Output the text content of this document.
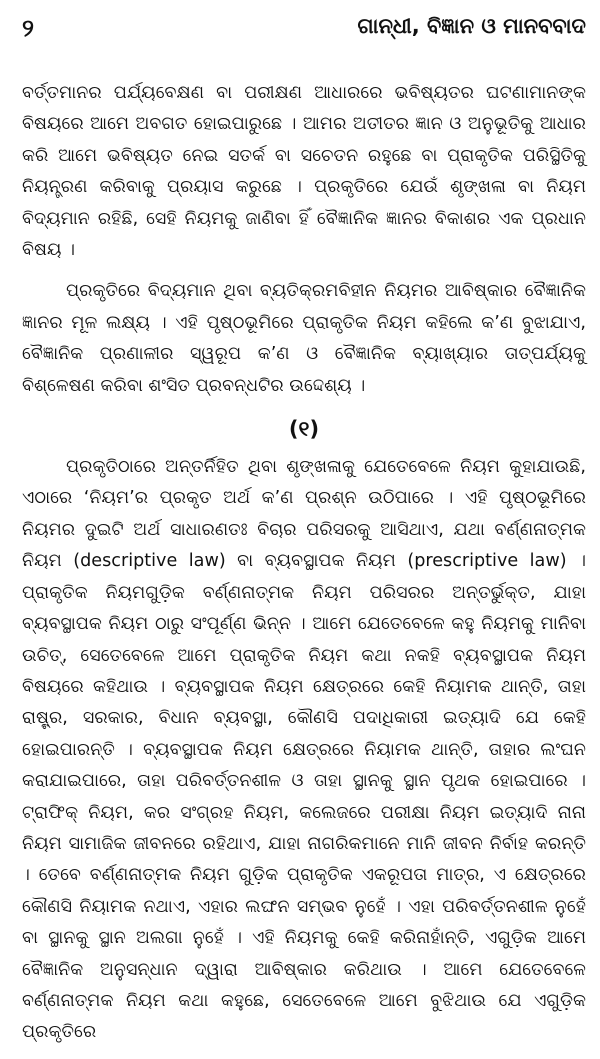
୨	ଗାନ୍ଧୀ, ବିଜ୍ଞାନ ଓ ମାନବବାଦ

ବର୍ତ୍ତମାନର ପର୍ଯ୍ୟବେକ୍ଷଣ ବା ପରୀକ୍ଷଣ ଆଧାରରେ ଭବିଷ୍ୟତର ଘଟଣାମାନଙ୍କ ବିଷୟରେ ଆମେ ଅବଗତ ହୋଇପାରୁଛେ । ଆମର ଅତୀତର ଜ୍ଞାନ ଓ ଅନୁଭୂତିକୁ ଆଧାର କରି ଆମେ ଭବିଷ୍ୟତ ନେଇ ସତର୍କ ବା ସଚେତନ ରହୁଛେ ବା ପ୍ରାକୃତିକ ପରିସ୍ଥିତିକୁ ନିୟନ୍ତ୍ରଣ କରିବାକୁ ପ୍ରୟାସ କରୁଛେ । ପ୍ରକୃତିରେ ଯେଉଁ ଶୃଙ୍ଖଳା ବା ନିୟମ ବିଦ୍ୟମାନ ରହିଛି, ସେହି ନିୟମକୁ ଜାଣିବା ହିଁ ବୈଜ୍ଞାନିକ ଜ୍ଞାନର ବିକାଶର ଏକ ପ୍ରଧାନ ବିଷୟ ।

ପ୍ରକୃତିରେ ବିଦ୍ୟମାନ ଥିବା ବ୍ୟତିକ୍ରମବିହୀନ ନିୟମର ଆବିଷ୍କାର ବୈଜ୍ଞାନିକ ଜ୍ଞାନର ମୂଳ ଲକ୍ଷ୍ୟ । ଏହି ପୃଷ୍ଠଭୂମିରେ ପ୍ରାକୃତିକ ନିୟମ କହିଲେ କ’ଣ ବୁଝାଯାଏ, ବୈଜ୍ଞାନିକ ପ୍ରଣାଳୀର ସ୍ୱରୂପ କ’ଣ ଓ ବୈଜ୍ଞାନିକ ବ୍ୟାଖ୍ୟାର ତାତ୍ପର୍ଯ୍ୟକୁ ବିଶ୍ଳେଷଣ କରିବା ଶଂସିତ ପ୍ରବନ୍ଧଟିର ଉଦ୍ଦେଶ୍ୟ ।

(୧)

ପ୍ରକୃତିଠାରେ ଅନ୍ତର୍ନିହିତ ଥିବା ଶୃଙ୍ଖଳାକୁ ଯେତେବେଳେ ନିୟମ କୁହାଯାଉଛି, ଏଠାରେ ‘ନିୟମ’ର ପ୍ରକୃତ ଅର୍ଥ କ’ଣ ପ୍ରଶ୍ନ ଉଠିପାରେ । ଏହି ପୃଷ୍ଠଭୂମିରେ ନିୟମର ଦୁଇଟି ଅର୍ଥ ସାଧାରଣତଃ ବିଚାର ପରିସରକୁ ଆସିଥାଏ, ଯଥା ବର୍ଣ୍ଣନାତ୍ମକ ନିୟମ (descriptive law) ବା ବ୍ୟବସ୍ଥାପକ ନିୟମ (prescriptive law) । ପ୍ରାକୃତିକ ନିୟମଗୁଡ଼ିକ ବର୍ଣ୍ଣନାତ୍ମକ ନିୟମ ପରିସରର ଅନ୍ତର୍ଭୁକ୍ତ, ଯାହା ବ୍ୟବସ୍ଥାପକ ନିୟମ ଠାରୁ ସଂପୂର୍ଣ୍ଣ ଭିନ୍ନ । ଆମେ ଯେତେବେଳେ କହୁ ନିୟମକୁ ମାନିବା ଉଚିତ୍, ସେତେବେଳେ ଆମେ ପ୍ରାକୃତିକ ନିୟମ କଥା ନକହି ବ୍ୟବସ୍ଥାପକ ନିୟମ ବିଷୟରେ କହିଥାଉ । ବ୍ୟବସ୍ଥାପକ ନିୟମ କ୍ଷେତ୍ରରେ କେହି ନିୟାମକ ଥାନ୍ତି, ତାହା ରାଷ୍ଟ୍ର, ସରକାର, ବିଧାନ ବ୍ୟବସ୍ଥା, କୌଣସି ପଦାଧିକାରୀ ଇତ୍ୟାଦି ଯେ କେହି ହୋଇପାରନ୍ତି । ବ୍ୟବସ୍ଥାପକ ନିୟମ କ୍ଷେତ୍ରରେ ନିୟାମକ ଥାନ୍ତି, ତାହାର ଲଂଘନ କରାଯାଇପାରେ, ତାହା ପରିବର୍ତ୍ତନଶୀଳ ଓ ତାହା ସ୍ଥାନକୁ ସ୍ଥାନ ପୃଥକ ହୋଇପାରେ । ଟ୍ରାଫିକ୍ ନିୟମ, କର ସଂଗ୍ରହ ନିୟମ, କଲେଜରେ ପରୀକ୍ଷା ନିୟମ ଇତ୍ୟାଦି ନାନା ନିୟମ ସାମାଜିକ ଜୀବନରେ ରହିଥାଏ, ଯାହା ନାଗରିକମାନେ ମାନି ଜୀବନ ନିର୍ବାହ କରନ୍ତି । ତେବେ ବର୍ଣ୍ଣନାତ୍ମକ ନିୟମ ଗୁଡ଼ିକ ପ୍ରାକୃତିକ ଏକରୂପତା ମାତ୍ର, ଏ କ୍ଷେତ୍ରରେ କୌଣସି ନିୟାମକ ନଥାଏ, ଏହାର ଲଙ୍ଘନ ସମ୍ଭବ ନୁହେଁ । ଏହା ପରିବର୍ତ୍ତନଶୀଳ ନୁହେଁ ବା ସ୍ଥାନକୁ ସ୍ଥାନ ଅଲଗା ନୁହେଁ । ଏହି ନିୟମକୁ କେହି କରିନାହାଁନ୍ତି, ଏଗୁଡ଼ିକ ଆମେ ବୈଜ୍ଞାନିକ ଅନୁସନ୍ଧାନ ଦ୍ୱାରା ଆବିଷ୍କାର କରିଥାଉ । ଆମେ ଯେତେବେଳେ ବର୍ଣ୍ଣନାତ୍ମକ ନିୟମ କଥା କହୁଛେ, ସେତେବେଳେ ଆମେ ବୁଝିଥାଉ ଯେ ଏଗୁଡ଼ିକ ପ୍ରକୃତିରେ
